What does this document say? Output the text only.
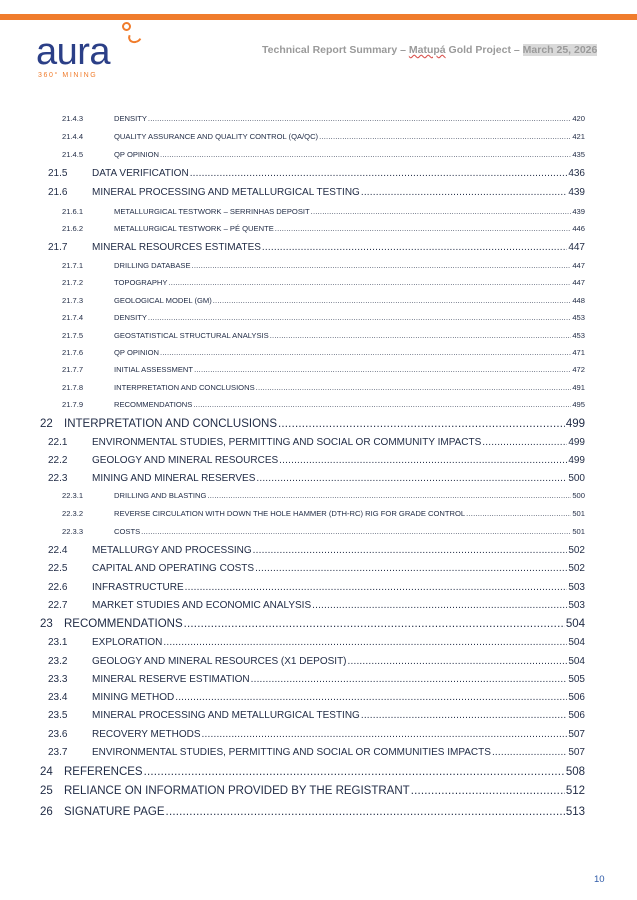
aura
360° MINING
Technical Report Summary – Matupá Gold Project – March 25, 2026
21.4.3	DENSITY .....	420
21.4.4	QUALITY ASSURANCE AND QUALITY CONTROL (QA/QC) .....	421
21.4.5	QP OPINION .....	435
21.5	DATA VERIFICATION .....	436
21.6	MINERAL PROCESSING AND METALLURGICAL TESTING .....	439
21.6.1	METALLURGICAL TESTWORK – SERRINHAS DEPOSIT .....	439
21.6.2	METALLURGICAL TESTWORK – PÉ QUENTE .....	446
21.7	MINERAL RESOURCES ESTIMATES .....	447
21.7.1	DRILLING DATABASE .....	447
21.7.2	TOPOGRAPHY .....	447
21.7.3	GEOLOGICAL MODEL (GM) .....	448
21.7.4	DENSITY .....	453
21.7.5	GEOSTATISTICAL STRUCTURAL ANALYSIS .....	453
21.7.6	QP OPINION .....	471
21.7.7	INITIAL ASSESSMENT .....	472
21.7.8	INTERPRETATION AND CONCLUSIONS .....	491
21.7.9	RECOMMENDATIONS .....	495
22 INTERPRETATION AND CONCLUSIONS .....	499
22.1	ENVIRONMENTAL STUDIES, PERMITTING AND SOCIAL OR COMMUNITY IMPACTS .....	499
22.2	GEOLOGY AND MINERAL RESOURCES .....	499
22.3	MINING AND MINERAL RESERVES .....	500
22.3.1	DRILLING AND BLASTING .....	500
22.3.2	REVERSE CIRCULATION WITH DOWN THE HOLE HAMMER (DTH-RC) RIG FOR GRADE CONTROL .....	501
22.3.3	COSTS .....	501
22.4	METALLURGY AND PROCESSING .....	502
22.5	CAPITAL AND OPERATING COSTS .....	502
22.6	INFRASTRUCTURE .....	503
22.7	MARKET STUDIES AND ECONOMIC ANALYSIS .....	503
23 RECOMMENDATIONS .....	504
23.1	EXPLORATION .....	504
23.2	GEOLOGY AND MINERAL RESOURCES (X1 DEPOSIT) .....	504
23.3	MINERAL RESERVE ESTIMATION .....	505
23.4	MINING METHOD .....	506
23.5	MINERAL PROCESSING AND METALLURGICAL TESTING .....	506
23.6	RECOVERY METHODS .....	507
23.7	ENVIRONMENTAL STUDIES, PERMITTING AND SOCIAL OR COMMUNITIES IMPACTS .....	507
24 REFERENCES .....	508
25 RELIANCE ON INFORMATION PROVIDED BY THE REGISTRANT .....	512
26 SIGNATURE PAGE .....	513
10
